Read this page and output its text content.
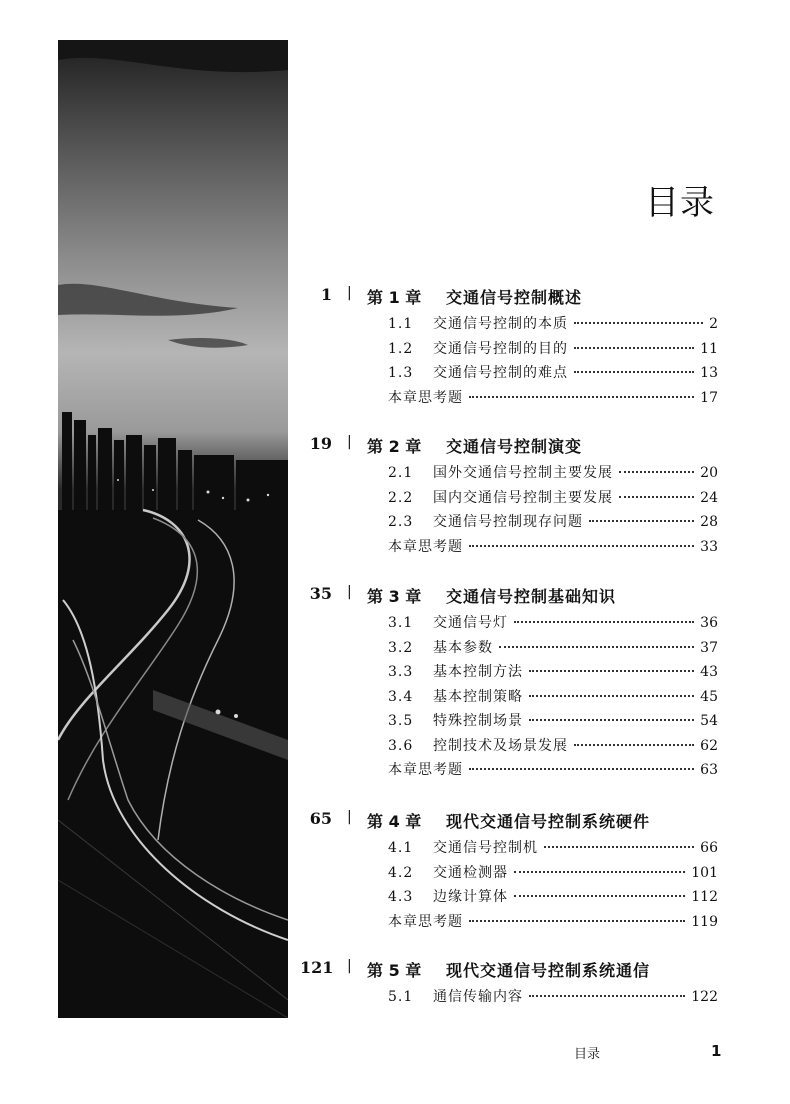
目录
1 | 第 1 章 交通信号控制概述
1.1	交通信号控制的本质	2
1.2	交通信号控制的目的	11
1.3	交通信号控制的难点	13
本章思考题	17
19 | 第 2 章 交通信号控制演变
2.1	国外交通信号控制主要发展	20
2.2	国内交通信号控制主要发展	24
2.3	交通信号控制现存问题	28
本章思考题	33
35 | 第 3 章 交通信号控制基础知识
3.1	交通信号灯	36
3.2	基本参数	37
3.3	基本控制方法	43
3.4	基本控制策略	45
3.5	特殊控制场景	54
3.6	控制技术及场景发展	62
本章思考题	63
65 | 第 4 章 现代交通信号控制系统硬件
4.1	交通信号控制机	66
4.2	交通检测器	101
4.3	边缘计算体	112
本章思考题	119
121 | 第 5 章 现代交通信号控制系统通信
5.1	通信传输内容	122
目录	1
